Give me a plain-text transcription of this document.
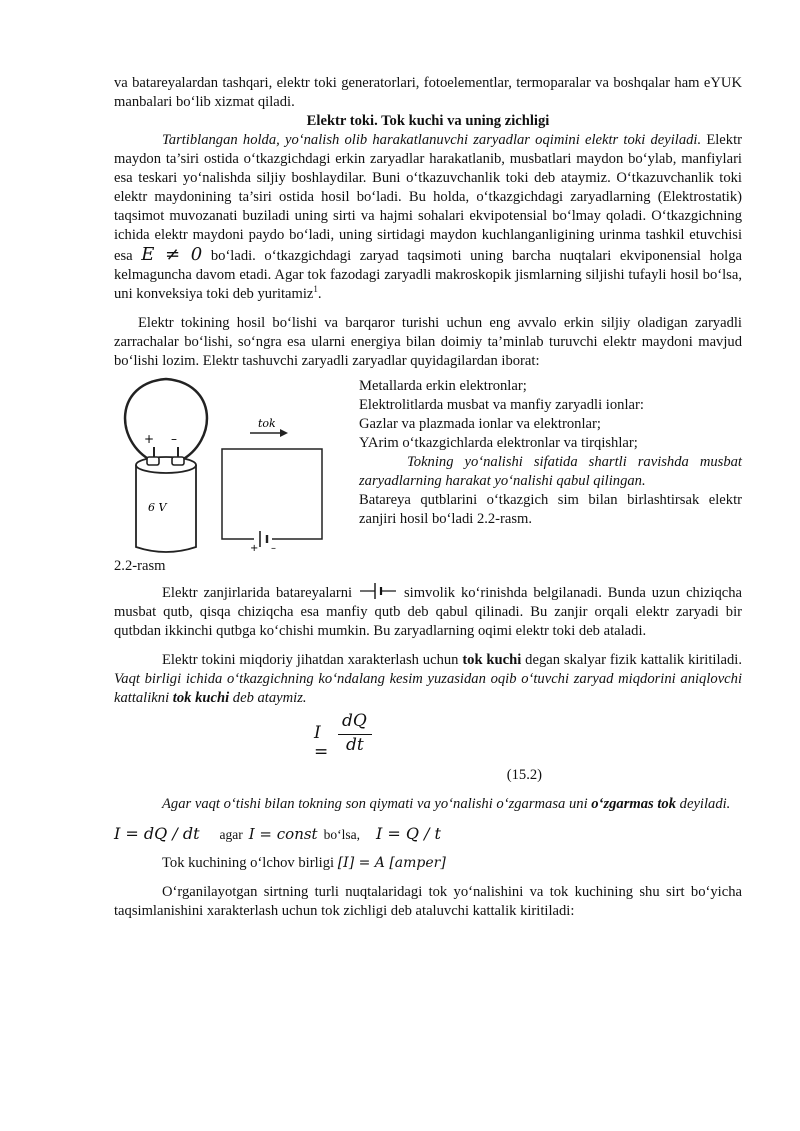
va batareyalardan tashqari, elektr toki generatorlari, fotoelementlar, termoparalar va boshqalar ham eYUK manbalari bo‘lib xizmat qiladi.

Elektr toki. Tok kuchi va uning zichligi

Tartiblangan holda, yo‘nalish olib harakatlanuvchi zaryadlar oqimini elektr toki deyiladi. Elektr maydon ta’siri ostida o‘tkazgichdagi erkin zaryadlar harakatlanib, musbatlari maydon bo‘ylab, manfiylari esa teskari yo‘nalishda siljiy boshlaydilar. Buni o‘tkazuvchanlik toki deb ataymiz. O‘tkazuvchanlik toki elektr maydonining ta’siri ostida hosil bo‘ladi. Bu holda, o‘tkazgichdagi zaryadlarning (Elektrostatik) taqsimot muvozanati buziladi uning sirti va hajmi sohalari ekvipotensial bo‘lmay qoladi. O‘tkazgichning ichida elektr maydoni paydo bo‘ladi, uning sirtidagi maydon kuchlanganligining urinma tashkil etuvchisi esa E ≠ 0 bo‘ladi. o‘tkazgichdagi zaryad taqsimoti uning barcha nuqtalari ekviponensial holga kelmaguncha davom etadi. Agar tok fazodagi zaryadli makroskopik jismlarning siljishi tufayli hosil bo‘lsa, uni konveksiya toki deb yuritamiz$^1$.

Elektr tokining hosil bo‘lishi va barqaror turishi uchun eng avvalo erkin siljiy oladigan zaryadli zarrachalar bo‘lishi, so‘ngra esa ularni energiya bilan doimiy ta’minlab turuvchi elektr maydoni mavjud bo‘lishi lozim. Elektr tashuvchi zaryadli zaryadlar quyidagilardan iborat:

+ –
6 V
tok
+ –

Metallarda erkin elektronlar;

Elektrolitlarda musbat va manfiy zaryadli ionlar:

Gazlar va plazmada ionlar va elektronlar;

YArim o‘tkazgichlarda elektronlar va tirqishlar;

Tokning yo‘nalishi sifatida shartli ravishda musbat zaryadlarning harakat yo‘nalishi qabul qilingan.

Batareya qutblarini o‘tkazgich sim bilan birlashtirsak elektr zanjiri hosil bo‘ladi 2.2-rasm.

2.2-rasm

Elektr zanjirlarida batareyalarni	simvolik ko‘rinishda belgilanadi. Bunda uzun chiziqcha musbat qutb, qisqa chiziqcha esa manfiy qutb deb qabul qilinadi. Bu zanjir orqali elektr zaryadi bir qutbdan ikkinchi qutbga ko‘chishi mumkin. Bu zaryadlarning oqimi elektr toki deb ataladi.

Elektr tokini miqdoriy jihatdan xarakterlash uchun tok kuchi degan skalyar fizik kattalik kiritiladi. Vaqt birligi ichida o‘tkazgichning ko‘ndalang kesim yuzasidan oqib o‘tuvchi zaryad miqdorini aniqlovchi kattalikni tok kuchi deb ataymiz.

I =
dQ
dt

(15.2)

Agar vaqt o‘tishi bilan tokning son qiymati va yo‘nalishi o‘zgarmasa uni o‘zgarmas tok deyiladi.

I = dQ / dt agar I = const bo‘lsa, I = Q / t

Tok kuchining o‘lchov birligi [I] = A [amper]

O‘rganilayotgan sirtning turli nuqtalaridagi tok yo‘nalishini va tok kuchining shu sirt bo‘yicha taqsimlanishini xarakterlash uchun tok zichligi deb ataluvchi kattalik kiritiladi:
